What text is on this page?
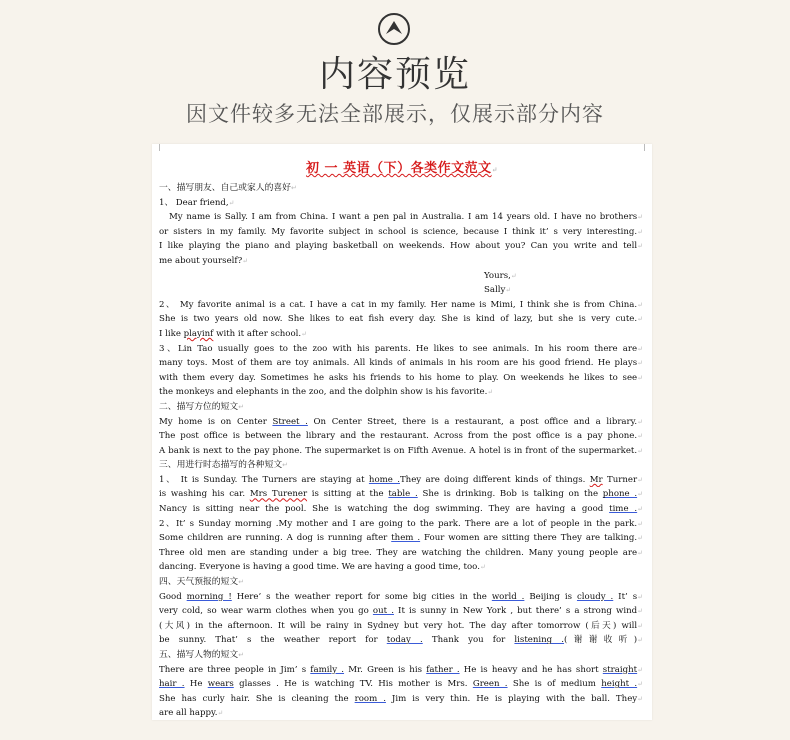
内容预览
因文件较多无法全部展示，仅展示部分内容
初 一 英语（下）各类作文范文↵
一、描写朋友、自己或家人的喜好↵
1、 Dear friend,↵
My name is Sally. I am from China. I want a pen pal in Australia. I am 14 years old. I have no brothers↵
or sisters in my family. My favorite subject in school is science, because I think it’ s very interesting.↵
I like playing the piano and playing basketball on weekends. How about you? Can you write and tell↵
me about yourself?↵
Yours,↵
Sally↵
2、 My favorite animal is a cat. I have a cat in my family. Her name is Mimi, I think she is from China.↵
She is two years old now. She likes to eat fish every day. She is kind of lazy, but she is very cute.↵
I like playinf with it after school.↵
3、Lin Tao usually goes to the zoo with his parents. He likes to see animals. In his room there are↵
many toys. Most of them are toy animals. All kinds of animals in his room are his good friend. He plays↵
with them every day. Sometimes he asks his friends to his home to play. On weekends he likes to see↵
the monkeys and elephants in the zoo, and the dolphin show is his favorite.↵
二、描写方位的短文↵
My home is on Center Street . On Center Street, there is a restaurant, a post office and a library.↵
The post office is between the library and the restaurant. Across from the post office is a pay phone.↵
A bank is next to the pay phone. The supermarket is on Fifth Avenue. A hotel is in front of the supermarket.↵
三、用进行时态描写的各种短文↵
1、 It is Sunday. The Turners are staying at home .They are doing different kinds of things. Mr Turner↵
is washing his car. Mrs Turener is sitting at the table . She is drinking. Bob is talking on the phone .↵
Nancy is sitting near the pool. She is watching the dog swimming. They are having a good time .↵
2、It’ s Sunday morning .My mother and I are going to the park. There are a lot of people in the park.↵
Some children are running. A dog is running after them . Four women are sitting there They are talking.↵
Three old men are standing under a big tree. They are watching the children. Many young people are↵
dancing. Everyone is having a good time. We are having a good time, too.↵
四、天气预报的短文↵
Good morning ! Here’ s the weather report for some big cities in the world . Beijing is cloudy . It’ s↵
very cold, so wear warm clothes when you go out . It is sunny in New York , but there’ s a strong wind↵
(大风) in the afternoon. It will be rainy in Sydney but very hot. The day after tomorrow (后天) will↵
be sunny. That’ s the weather report for today . Thank you for listening .(谢谢收听)↵
五、描写人物的短文↵
There are three people in Jim’ s family . Mr. Green is his father . He is heavy and he has short straight↵
hair . He wears glasses . He is watching TV. His mother is Mrs. Green . She is of medium height .↵
She has curly hair. She is cleaning the room . Jim is very thin. He is playing with the ball. They↵
are all happy.↵
